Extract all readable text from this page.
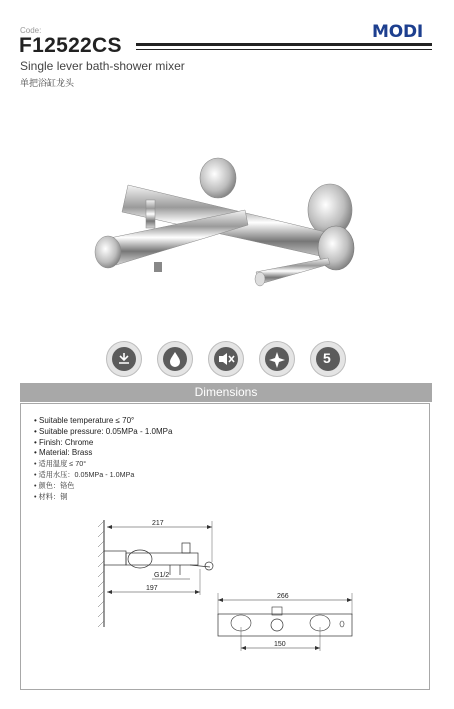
Code:
F12522CS
MODI
Single lever bath-shower mixer
单把浴缸龙头
5
Dimensions
• Suitable temperature ≤ 70°
• Suitable pressure: 0.05MPa - 1.0MPa
• Finish: Chrome
• Material: Brass
• 适用温度 ≤ 70°
• 适用水压：0.05MPa - 1.0MPa
• 颜色：铬色
• 材料：铜
217
G1/2
197
266
150
